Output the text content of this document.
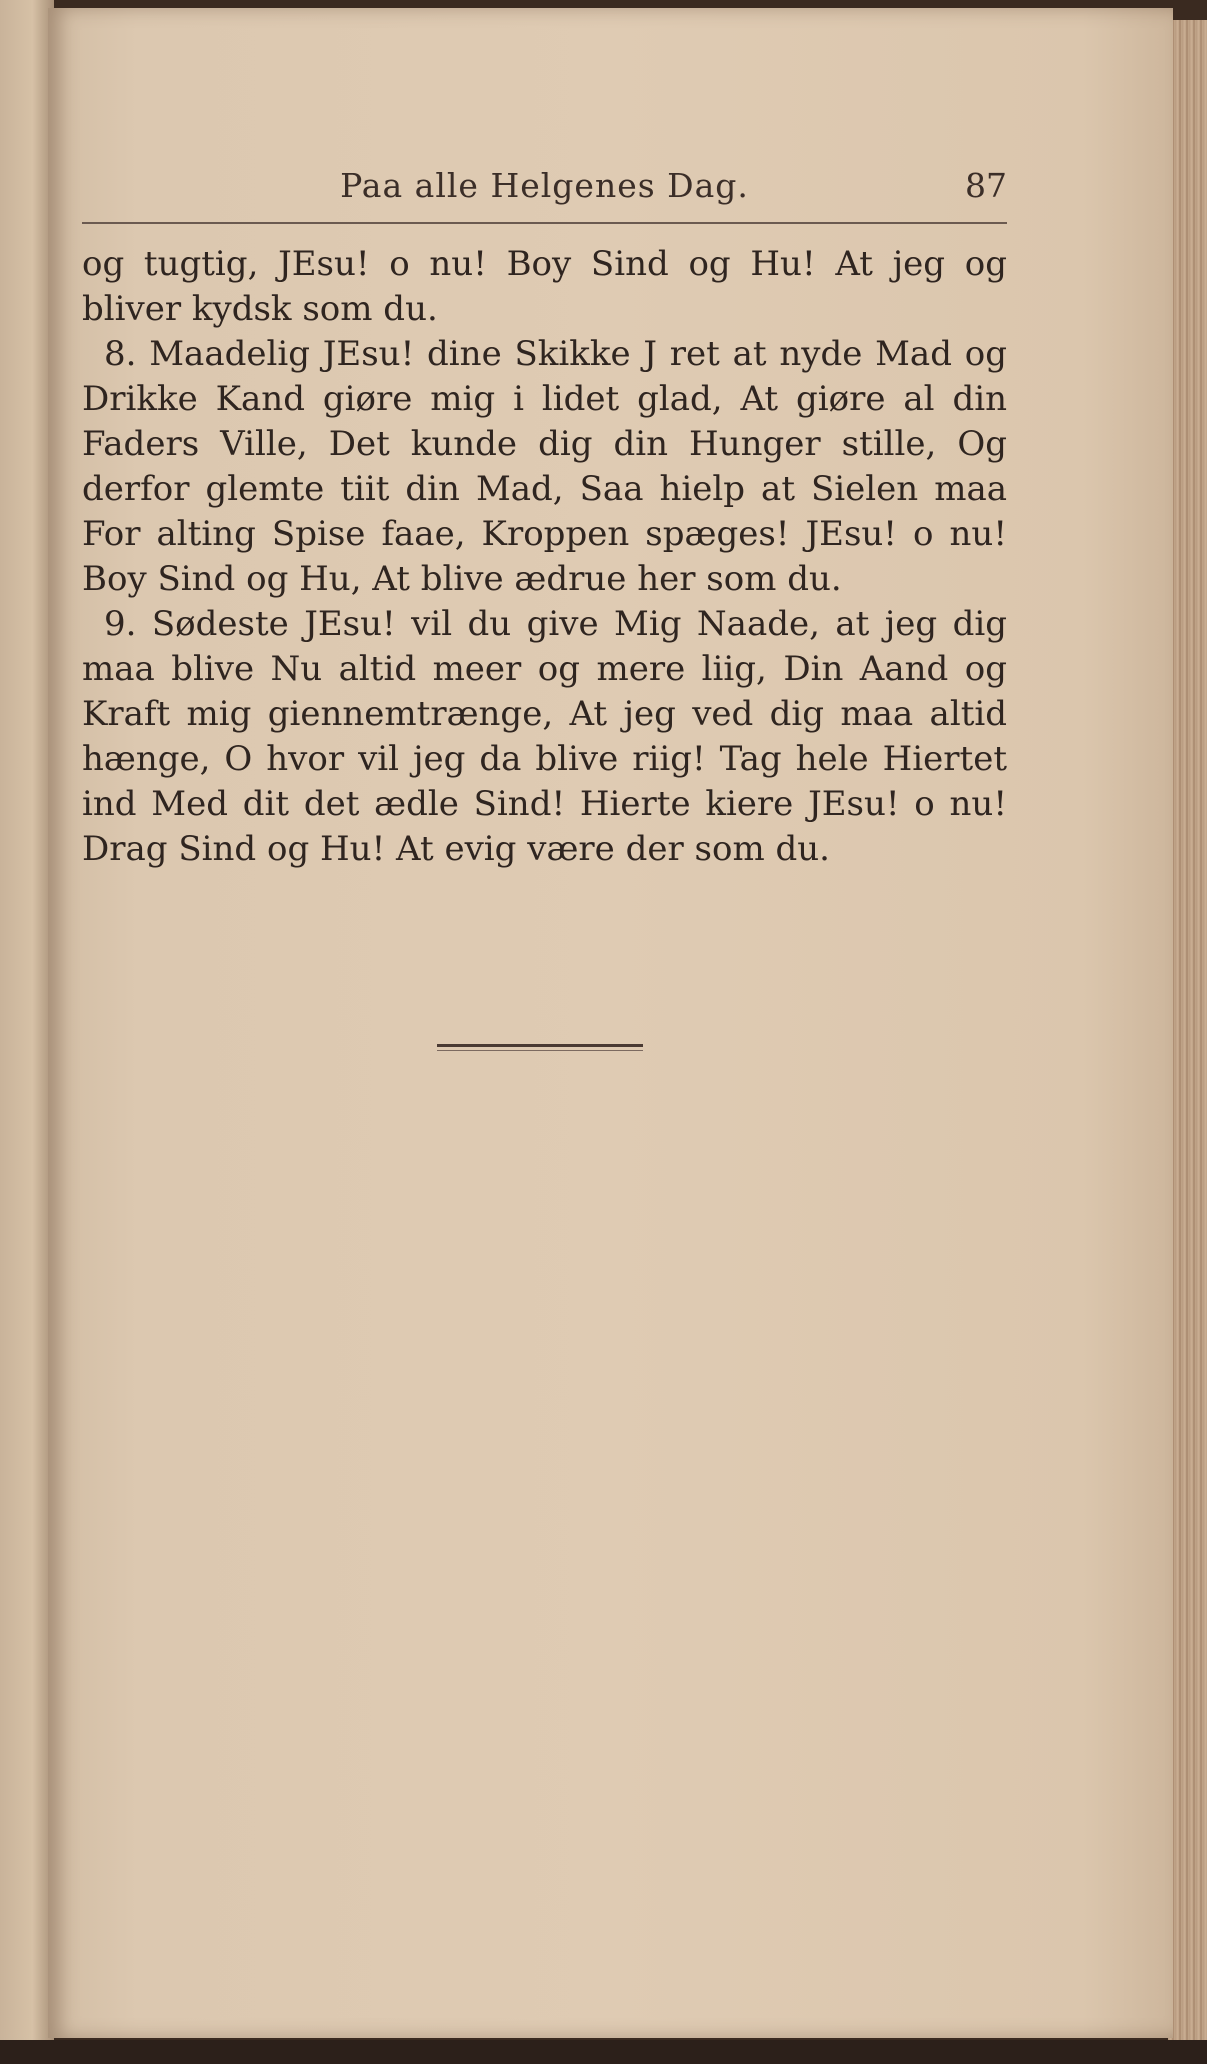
Paa alle Helgenes Dag.	87

og tugtig, JEsu! o nu! Boy Sind og Hu! At jeg og bliver kydsk som du.

8. Maadelig JEsu! dine Skikke J ret at nyde Mad og Drikke Kand giøre mig i lidet glad, At giøre al din Faders Ville, Det kunde dig din Hunger stille, Og derfor glemte tiit din Mad, Saa hielp at Sielen maa For alting Spise faae, Kroppen spæges! JEsu! o nu! Boy Sind og Hu, At blive ædrue her som du.

9. Sødeste JEsu! vil du give Mig Naade, at jeg dig maa blive Nu altid meer og mere liig, Din Aand og Kraft mig giennemtrænge, At jeg ved dig maa altid hænge, O hvor vil jeg da blive riig! Tag hele Hiertet ind Med dit det ædle Sind! Hierte kiere JEsu! o nu! Drag Sind og Hu! At evig være der som du.
